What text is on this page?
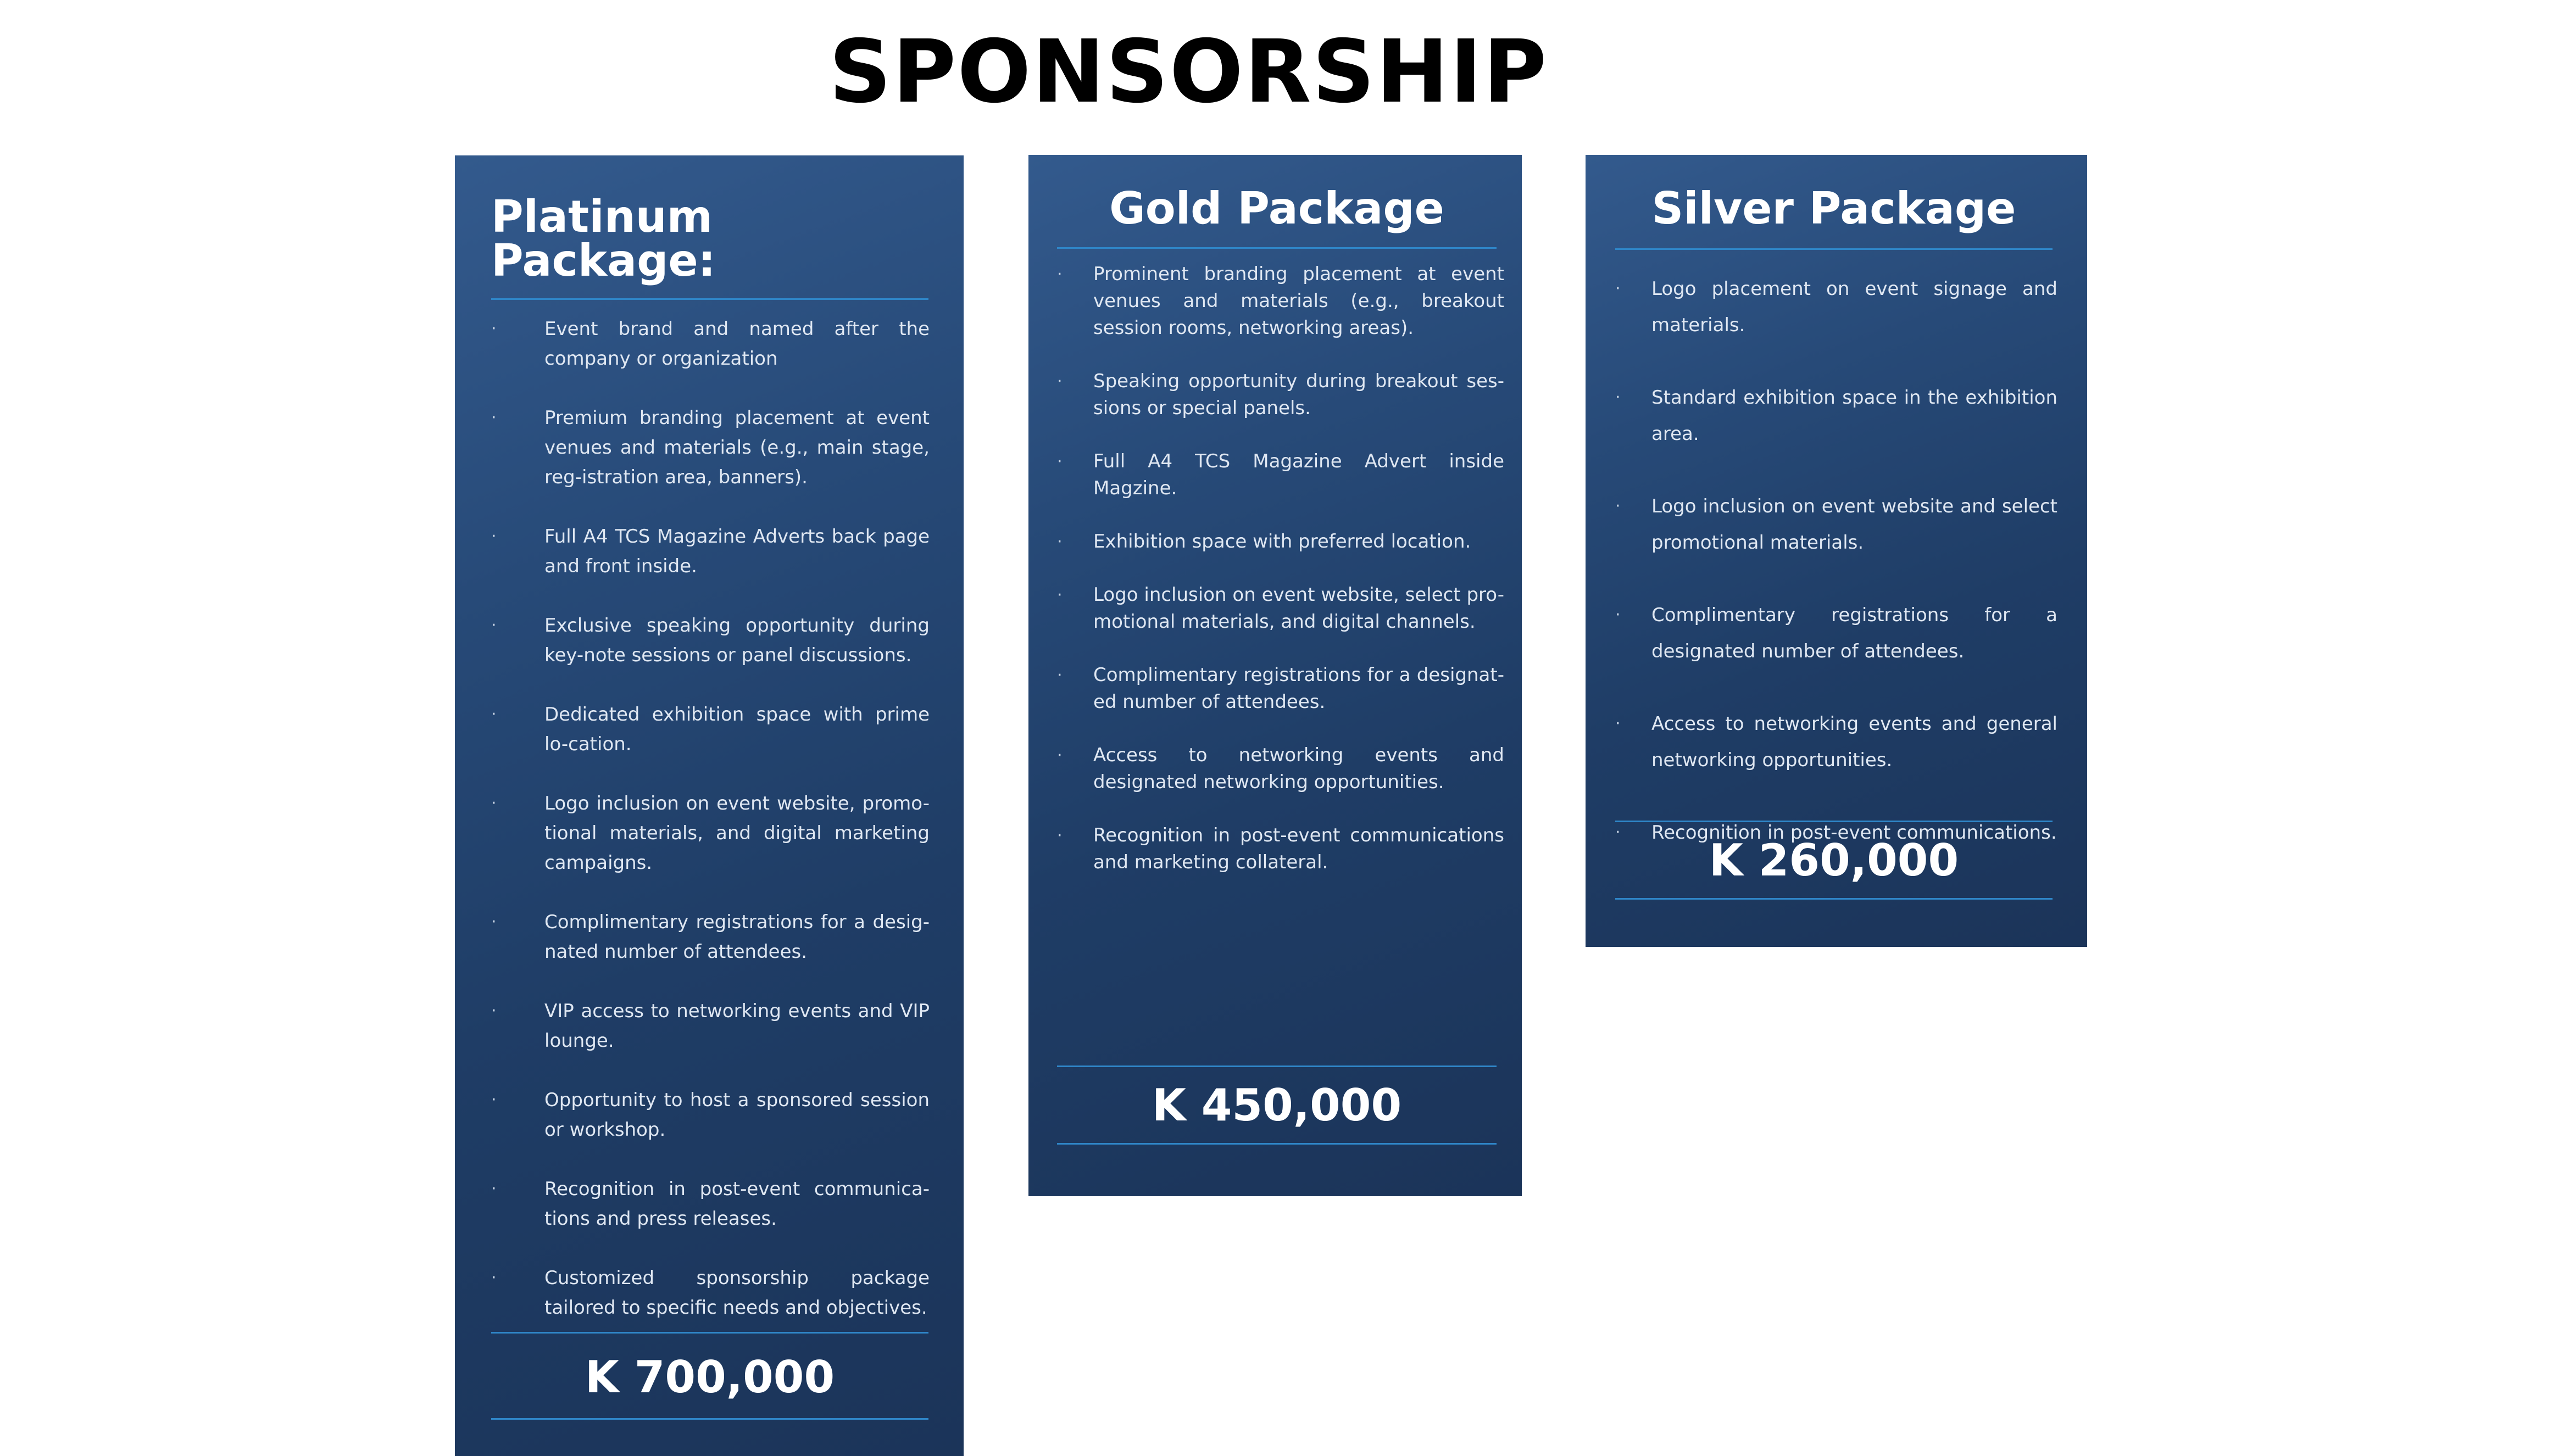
SPONSORSHIP
Platinum Package:
·	Event brand and named after the company or organization
·	Premium branding placement at event venues and materials (e.g., main stage, reg-istration area, banners).
·	Full A4 TCS Magazine Adverts back page and front inside.
·	Exclusive speaking opportunity during key-note sessions or panel discussions.
·	Dedicated exhibition space with prime lo-cation.
·	Logo inclusion on event website, promo-tional materials, and digital marketing campaigns.
·	Complimentary registrations for a desig-nated number of attendees.
·	VIP access to networking events and VIP lounge.
·	Opportunity to host a sponsored session or workshop.
·	Recognition in post-event communica-tions and press releases.
·	Customized sponsorship package tailored to specific needs and objectives.
K 700,000
Gold Package
· Prominent branding placement at event venues and materials (e.g., breakout session rooms, networking areas).
· Speaking opportunity during breakout ses-sions or special panels.
· Full A4 TCS Magazine Advert inside Magzine.
· Exhibition space with preferred location.
· Logo inclusion on event website, select pro-motional materials, and digital channels.
· Complimentary registrations for a designat-ed number of attendees.
· Access to networking events and designated networking opportunities.
· Recognition in post-event communications and marketing collateral.
K 450,000
Silver Package
· Logo placement on event signage and materials.
· Standard exhibition space in the exhibition area.
· Logo inclusion on event website and select promotional materials.
· Complimentary registrations for a designated number of attendees.
· Access to networking events and general networking opportunities.
· Recognition in post-event communications.
K 260,000
